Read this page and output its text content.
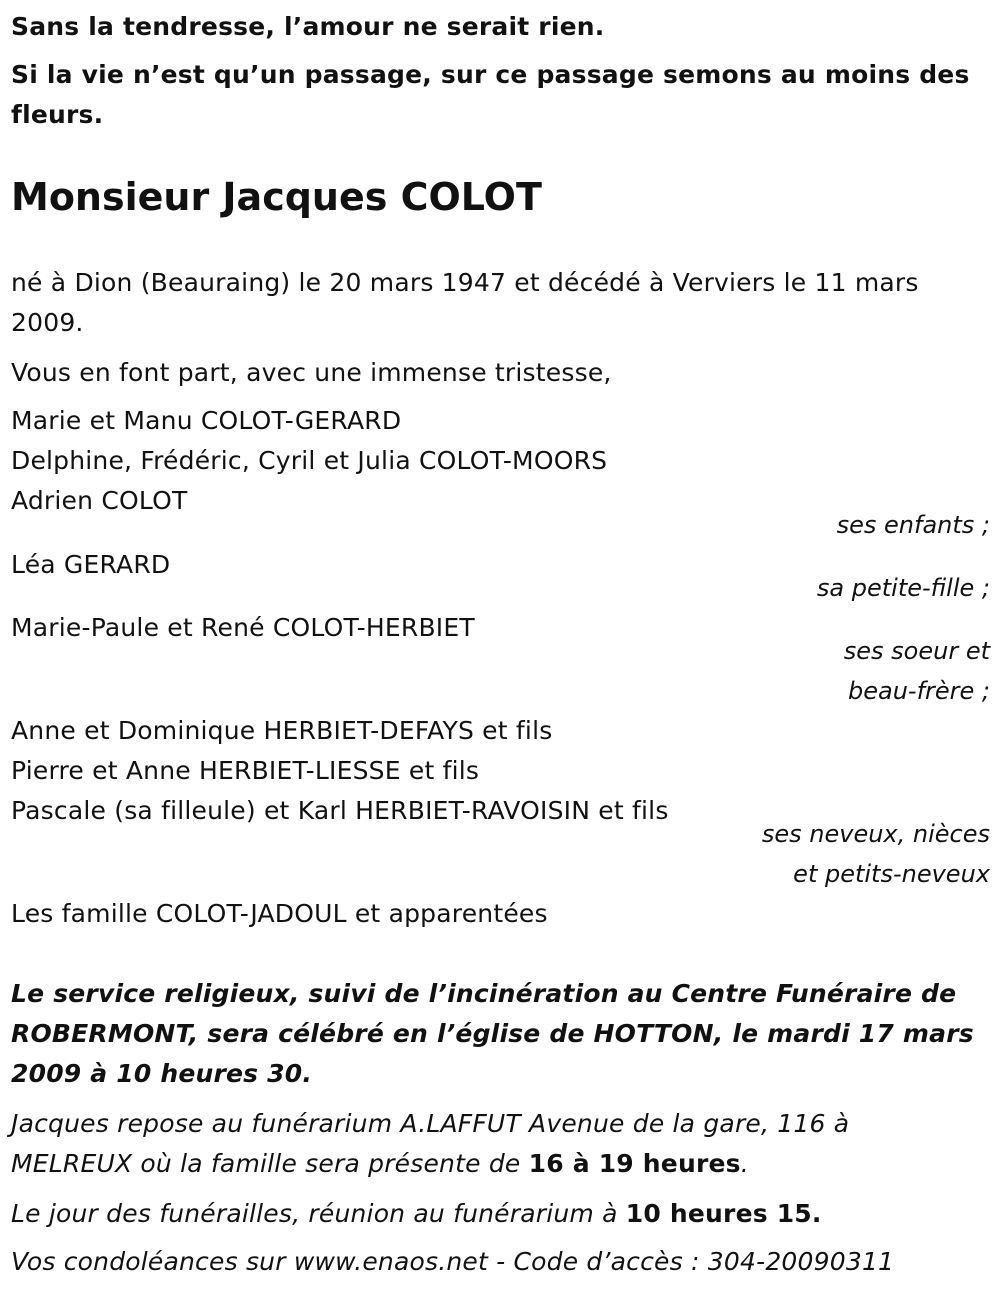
Sans la tendresse, l’amour ne serait rien.
Si la vie n’est qu’un passage, sur ce passage semons au moins des
fleurs.
Monsieur Jacques COLOT
né à Dion (Beauraing) le 20 mars 1947 et décédé à Verviers le 11 mars
2009.
Vous en font part, avec une immense tristesse,
Marie et Manu COLOT-GERARD
Delphine, Frédéric, Cyril et Julia COLOT-MOORS
Adrien COLOT
ses enfants ;
Léa GERARD
sa petite-fille ;
Marie-Paule et René COLOT-HERBIET
ses soeur et
beau-frère ;
Anne et Dominique HERBIET-DEFAYS et fils
Pierre et Anne HERBIET-LIESSE et fils
Pascale (sa filleule) et Karl HERBIET-RAVOISIN et fils
ses neveux, nièces
et petits-neveux
Les famille COLOT-JADOUL et apparentées
Le service religieux, suivi de l’incinération au Centre Funéraire de
ROBERMONT, sera célébré en l’église de HOTTON, le mardi 17 mars
2009 à 10 heures 30.
Jacques repose au funérarium A.LAFFUT Avenue de la gare, 116 à
MELREUX où la famille sera présente de 16 à 19 heures.
Le jour des funérailles, réunion au funérarium à 10 heures 15.
Vos condoléances sur www.enaos.net - Code d’accès : 304-20090311
